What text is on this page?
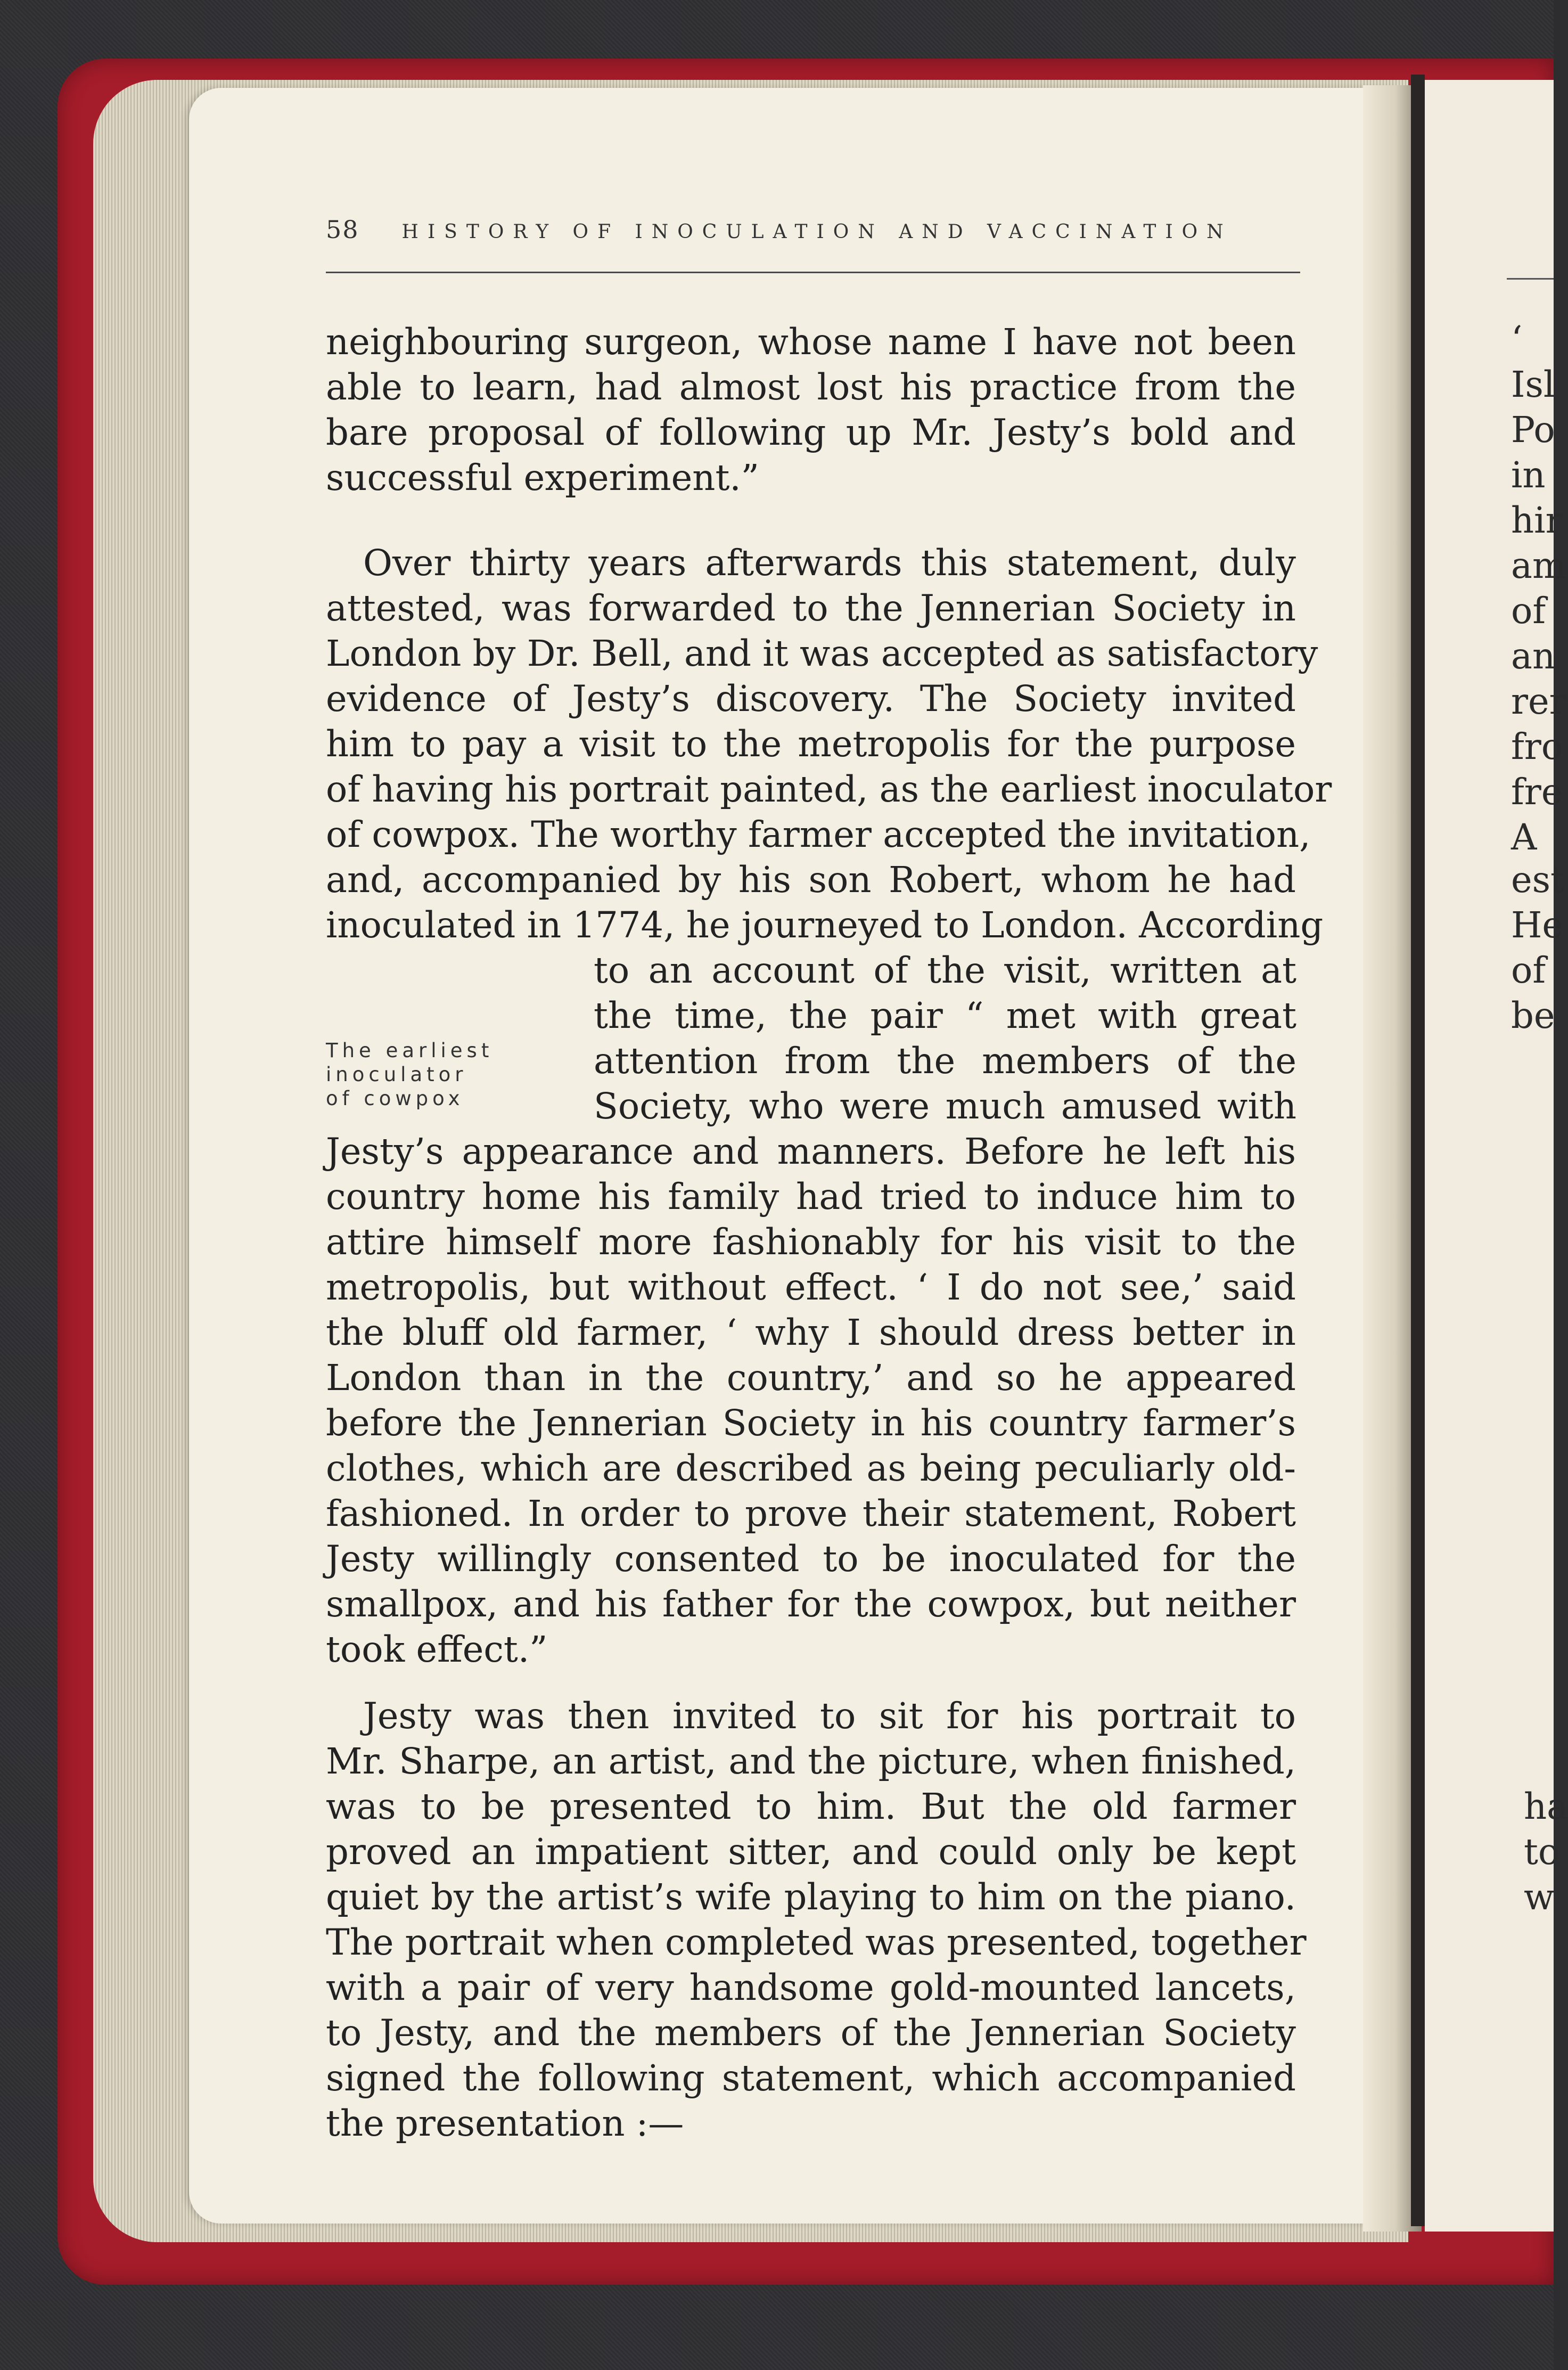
58 HISTORY OF INOCULATION AND VACCINATION
neighbouring surgeon, whose name I have not been
able to learn, had almost lost his practice from the
bare proposal of following up Mr. Jesty’s bold and
successful experiment.”
Over thirty years afterwards this statement, duly
attested, was forwarded to the Jennerian Society in
London by Dr. Bell, and it was accepted as satisfactory
evidence of Jesty’s discovery. The Society invited
him to pay a visit to the metropolis for the purpose
of having his portrait painted, as the earliest inoculator
of cowpox. The worthy farmer accepted the invitation,
and, accompanied by his son Robert, whom he had
inoculated in 1774, he journeyed to London. According
to an account of the visit, written at
the time, the pair “ met with great
attention from the members of the
Society, who were much amused with
Jesty’s appearance and manners. Before he left his
country home his family had tried to induce him to
attire himself more fashionably for his visit to the
metropolis, but without effect. ‘ I do not see,’ said
the bluff old farmer, ‘ why I should dress better in
London than in the country,’ and so he appeared
before the Jennerian Society in his country farmer’s
clothes, which are described as being peculiarly old-
fashioned. In order to prove their statement, Robert
Jesty willingly consented to be inoculated for the
smallpox, and his father for the cowpox, but neither
took effect.”
The earliest
inoculator
of cowpox
Jesty was then invited to sit for his portrait to
Mr. Sharpe, an artist, and the picture, when finished,
was to be presented to him. But the old farmer
proved an impatient sitter, and could only be kept
quiet by the artist’s wife playing to him on the piano.
The portrait when completed was presented, together
with a pair of very handsome gold-mounted lancets,
to Jesty, and the members of the Jennerian Society
signed the following statement, which accompanied
the presentation :—
‘
Isl
Po
in
hir
am
of
an
rer
fro
fre
A
est
He
of
be
ha
to
w
